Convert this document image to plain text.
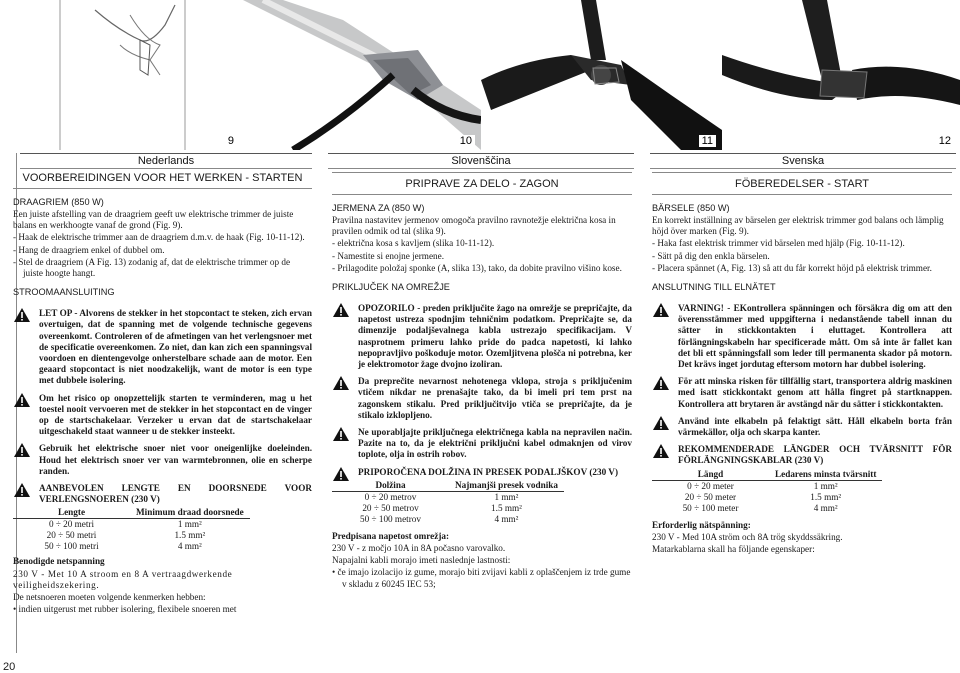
9	10	11	12
Nederlands	Slovenščina	Svenska
VOORBEREIDINGEN VOOR HET WERKEN - STARTEN
DRAAGRIEM (850 W)

Een juiste afstelling van de draagriem geeft uw elektrische trimmer de juiste balans en werkhoogte vanaf de grond (Fig. 9).

- Haak de elektrische trimmer aan de draagriem d.m.v. de haak (Fig. 10-11-12).

- Hang de draagriem enkel of dubbel om.

- Stel de draagriem (A Fig. 13) zodanig af, dat de elektrische trimmer op de juiste hoogte hangt.

STROOMAANSLUITING
LET OP - Alvorens de stekker in het stopcontact te steken, zich ervan overtuigen, dat de spanning met de volgende technische gegevens overeenkomt. Controleren of de afmetingen van het verlengsnoer met de specificatie overeenkomen. Zo niet, dan kan zich een spanningsval voordoen en dientengevolge onherstelbare schade aan de motor. Een geaard stopcontact is niet noodzakelijk, want de motor is een type met dubbele isolering.
Om het risico op onopzettelijk starten te verminderen, mag u het toestel nooit vervoeren met de stekker in het stopcontact en de vinger op de startschakelaar. Verzeker u ervan dat de startschakelaar uitgeschakeld staat wanneer u de stekker insteekt.
Gebruik het elektrische snoer niet voor oneigenlijke doeleinden. Houd het elektrisch snoer ver van warmtebronnen, olie en scherpe randen.
AANBEVOLEN LENGTE EN DOORSNEDE VOOR VERLENGSNOEREN (230 V)
Lengte	Minimum draad doorsnede
0 ÷ 20 metri	1 mm²
20 ÷ 50 metri	1.5 mm²
50 ÷ 100 metri	4 mm²

Benodigde netspanning

230 V - Met 10 A stroom en 8 A vertraagdwerkende veiligheidszekering.

De netsnoeren moeten volgende kenmerken hebben:

• indien uitgerust met rubber isolering, flexibele snoeren met

PRIPRAVE ZA DELO - ZAGON
JERMENA ZA (850 W)

Pravilna nastavitev jermenov omogoča pravilno ravnotežje električna kosa in pravilen odmik od tal (slika 9).

- električna kosa s kavljem (slika 10-11-12).

- Namestite si enojne jermene.

- Prilagodite položaj sponke (A, slika 13), tako, da dobite pravilno višino kose.

PRIKLJUČEK NA OMREŽJE
OPOZORILO - preden priključite žago na omrežje se prepričajte, da napetost ustreza spodnjim tehničnim podatkom. Prepričajte se, da dimenzije podaljševalnega kabla ustrezajo specifikacijam. V nasprotnem primeru lahko pride do padca napetosti, ki lahko nepopravljivo poškoduje motor. Ozemljitvena plošča ni potrebna, ker je elektromotor žage dvojno izoliran.
Da preprečite nevarnost nehotenega vklopa, stroja s priključenim vtičem nikdar ne prenašajte tako, da bi imeli pri tem prst na zagonskem stikalu. Pred priključitvijo vtiča se prepričajte, da je stikalo izklopljeno.
Ne uporabljajte priključnega električnega kabla na nepravilen način. Pazite na to, da je električni priključni kabel odmaknjen od virov toplote, olja in ostrih robov.
PRIPOROČENA DOLŽINA IN PRESEK PODALJŠKOV (230 V)
Dolžina	Najmanjši presek vodnika
0 ÷ 20 metrov	1 mm²
20 ÷ 50 metrov	1.5 mm²
50 ÷ 100 metrov	4 mm²

Predpisana napetost omrežja:

230 V - z močjo 10A in 8A počasno varovalko.

Napajalni kabli morajo imeti naslednje lastnosti:

• če imajo izolacijo iz gume, morajo biti zvijavi kabli z oplaščenjem iz trde gume v skladu z 60245 IEC 53;

FÖBEREDELSER - START
BÄRSELE (850 W)

En korrekt inställning av bärselen ger elektrisk trimmer god balans och lämplig höjd över marken (Fig. 9).

- Haka fast elektrisk trimmer vid bärselen med hjälp (Fig. 10-11-12).

- Sätt på dig den enkla bärselen.

- Placera spännet (A, Fig. 13) så att du får korrekt höjd på elektrisk trimmer.

ANSLUTNING TILL ELNÄTET
VARNING! - EKontrollera spänningen och försäkra dig om att den överensstämmer med uppgifterna i nedanstående tabell innan du sätter in stickkontakten i eluttaget. Kontrollera att förlängningskabeln har specificerade mått. Om så inte är fallet kan det bli ett spänningsfall som leder till permanenta skador på motorn. Det krävs inget jordutag eftersom motorn har dubbel isolering.
För att minska risken för tillfällig start, transportera aldrig maskinen med isatt stickkontakt genom att hålla fingret på startknappen. Kontrollera att brytaren är avstängd när du sätter i stickkontakten.
Använd inte elkabeln på felaktigt sätt. Håll elkabeln borta från värmekällor, olja och skarpa kanter.
REKOMMENDERADE LÄNGDER OCH TVÄRSNITT FÖR FÖRLÄNGNINGSKABLAR (230 V)
Längd	Ledarens minsta tvärsnitt
0 ÷ 20 meter	1 mm²
20 ÷ 50 meter	1.5 mm²
50 ÷ 100 meter	4 mm²

Erforderlig nätspänning:

230 V - Med 10A ström och 8A trög skyddssäkring.

Matarkablarna skall ha följande egenskaper:

20
